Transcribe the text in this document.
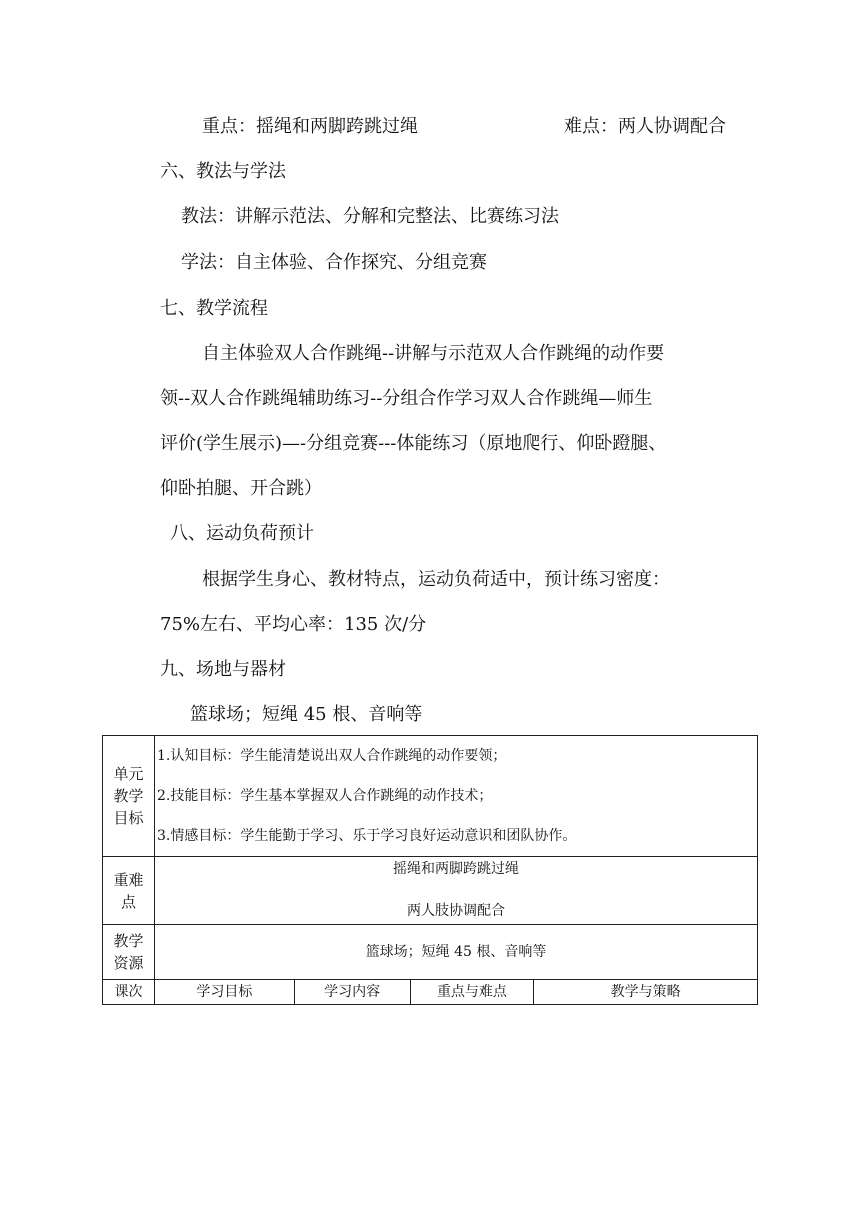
重点：摇绳和两脚跨跳过绳	难点：两人协调配合
六、教法与学法
教法：讲解示范法、分解和完整法、比赛练习法
学法：自主体验、合作探究、分组竞赛
七、教学流程
自主体验双人合作跳绳--讲解与示范双人合作跳绳的动作要
领--双人合作跳绳辅助练习--分组合作学习双人合作跳绳—师生
评价(学生展示)—-分组竞赛---体能练习（原地爬行、仰卧蹬腿、
仰卧拍腿、开合跳）
八、运动负荷预计
根据学生身心、教材特点，运动负荷适中，预计练习密度：
75%左右、平均心率：135 次/分
九、场地与器材
篮球场；短绳 45 根、音响等
单元教学目标	1.认知目标：学生能清楚说出双人合作跳绳的动作要领；
2.技能目标：学生基本掌握双人合作跳绳的动作技术；
3.情感目标：学生能勤于学习、乐于学习良好运动意识和团队协作。			

重难点	摇绳和两脚跨跳过绳
两人肢协调配合			

教学资源	篮球场；短绳 45 根、音响等			
课次	学习目标	学习内容	重点与难点	教学与策略
